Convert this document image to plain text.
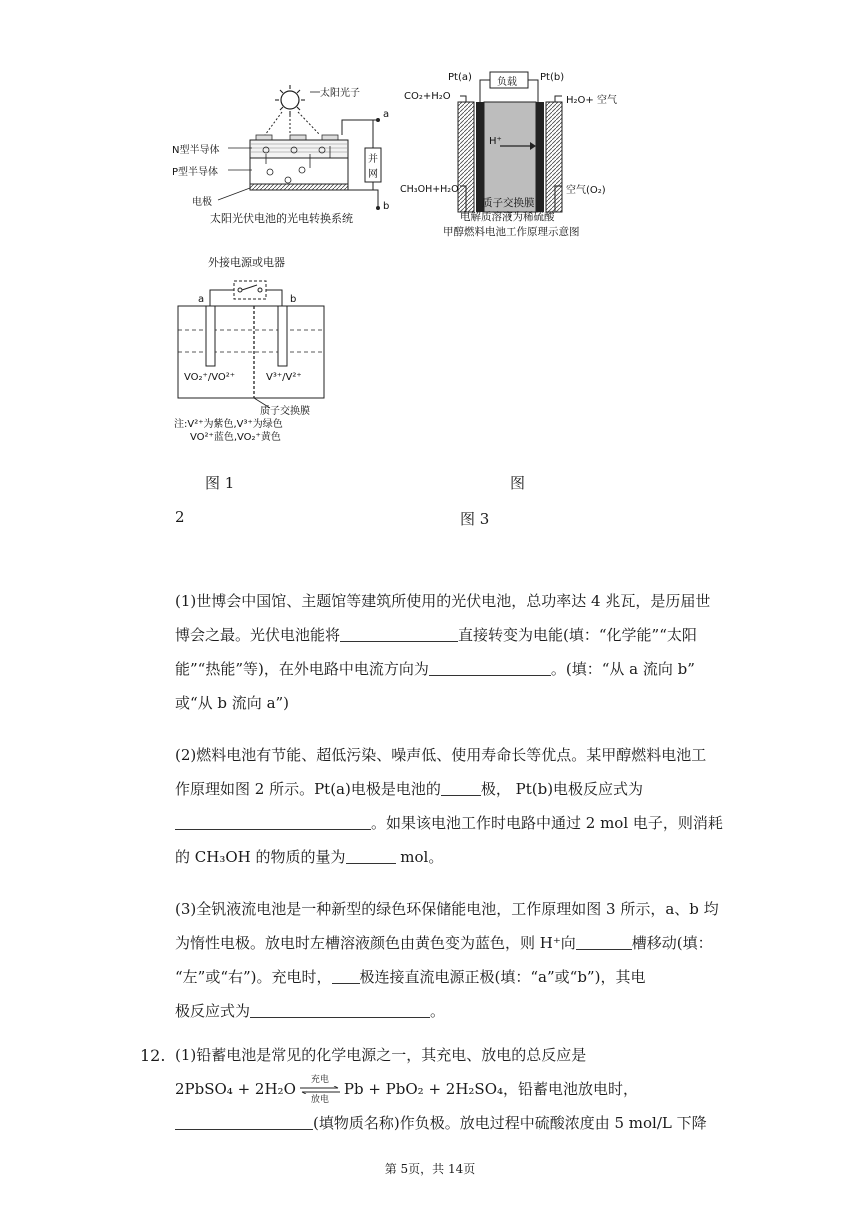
太阳光子
N型半导体
P型半导体
电极
并
网
a
b
太阳光伏电池的光电转换系统
Pt(a)	Pt(b)
负载
CO₂+H₂O	H₂O+ 空气
H⁺
CH₃OH+H₂O	空气(O₂)
质子交换膜
电解质溶液为稀硫酸
甲醇燃料电池工作原理示意图
外接电源或电器
a	b
VO₂⁺/VO²⁺	V³⁺/V²⁺
质子交换膜
注:V²⁺为紫色,V³⁺为绿色
VO²⁺蓝色,VO₂⁺黄色
图 1	图
2	图 3
(1)世博会中国馆、主题馆等建筑所使用的光伏电池，总功率达 4 兆瓦，是历届世
博会之最。光伏电池能将	直接转变为电能(填：“化学能”“太阳
能”“热能”等)，在外电路中电流方向为	。(填：“从 a 流向 b”
或“从 b 流向 a”)
(2)燃料电池有节能、超低污染、噪声低、使用寿命长等优点。某甲醇燃料电池工
作原理如图 2 所示。Pt(a)电极是电池的	极， Pt(b)电极反应式为
。如果该电池工作时电路中通过 2 mol 电子，则消耗
的 CH₃OH 的物质的量为	mol。
(3)全钒液流电池是一种新型的绿色环保储能电池，工作原理如图 3 所示，a、b 均
为惰性电极。放电时左槽溶液颜色由黄色变为蓝色，则 H⁺向	槽移动(填：
“左”或“右”)。充电时， 极连接直流电源正极(填：“a”或“b”)，其电
极反应式为	。
12. (1)铅蓄电池是常见的化学电源之一，其充电、放电的总反应是
2PbSO₄ + 2H₂O	充电
放电
Pb + PbO₂ + 2H₂SO₄，铅蓄电池放电时，
(填物质名称)作负极。放电过程中硫酸浓度由 5 mol/L 下降
第 5页，共 14页
